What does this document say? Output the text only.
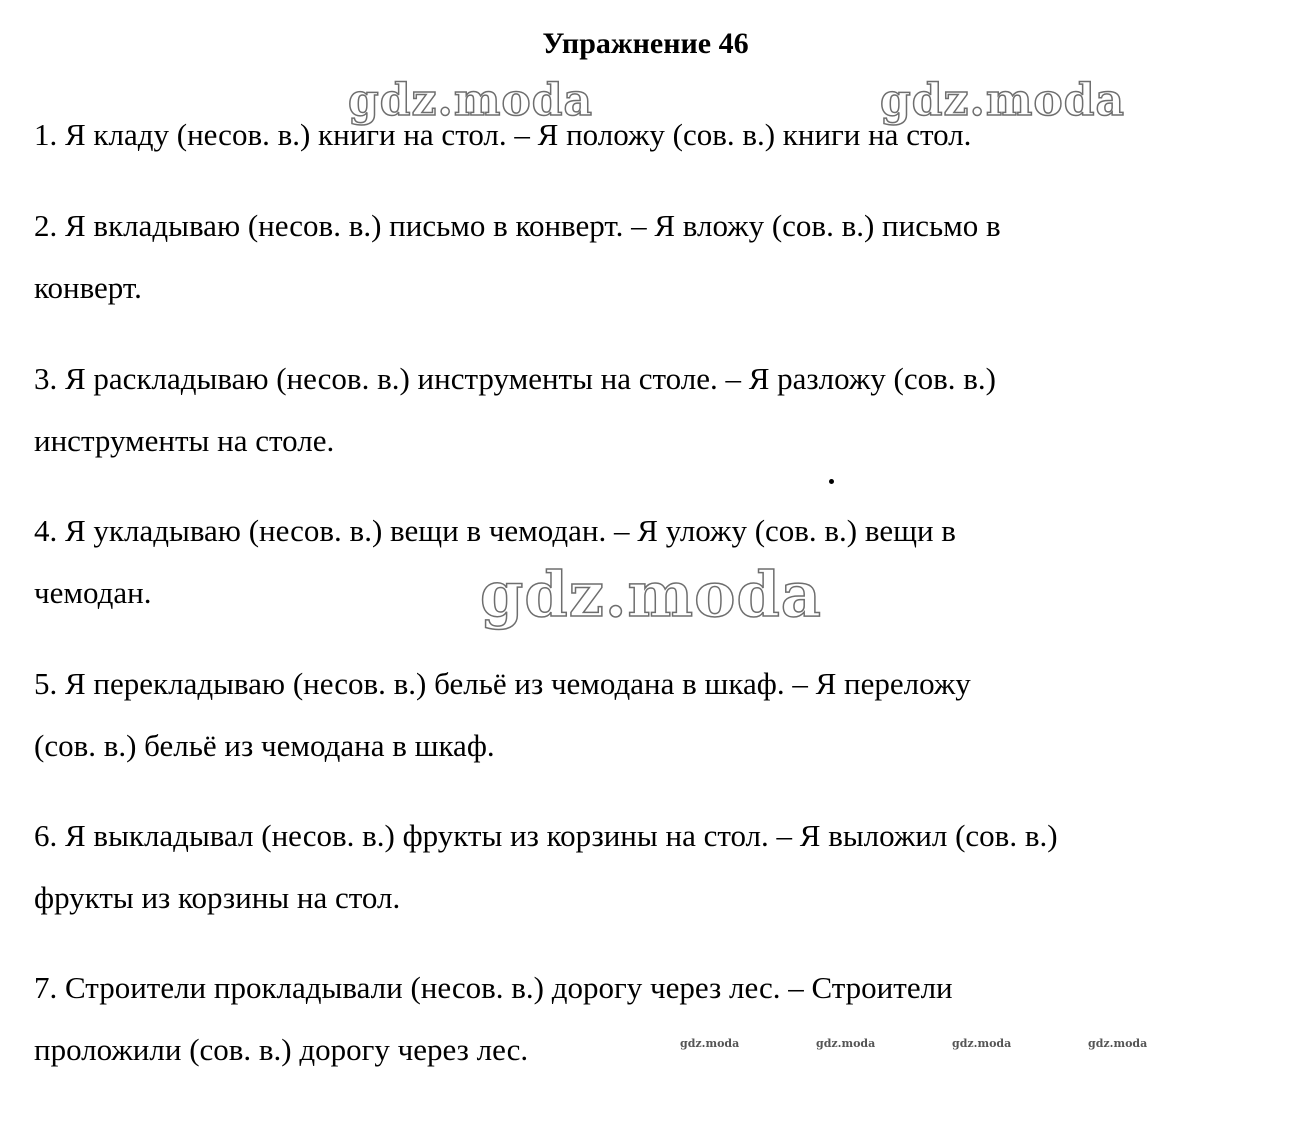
Упражнение 46
gdz.moda	gdz.moda
gdz.moda
gdz.moda	gdz.moda	gdz.moda	gdz.moda
1. Я кладу (несов. в.) книги на стол. – Я положу (сов. в.) книги на стол.
2. Я вкладываю (несов. в.) письмо в конверт. – Я вложу (сов. в.) письмо в
конверт.
3. Я раскладываю (несов. в.) инструменты на столе. – Я разложу (сов. в.)
инструменты на столе.
4. Я укладываю (несов. в.) вещи в чемодан. – Я уложу (сов. в.) вещи в
чемодан.
5. Я перекладываю (несов. в.) бельё из чемодана в шкаф. – Я переложу
(сов. в.) бельё из чемодана в шкаф.
6. Я выкладывал (несов. в.) фрукты из корзины на стол. – Я выложил (сов. в.)
фрукты из корзины на стол.
7. Строители прокладывали (несов. в.) дорогу через лес. – Строители
проложили (сов. в.) дорогу через лес.
